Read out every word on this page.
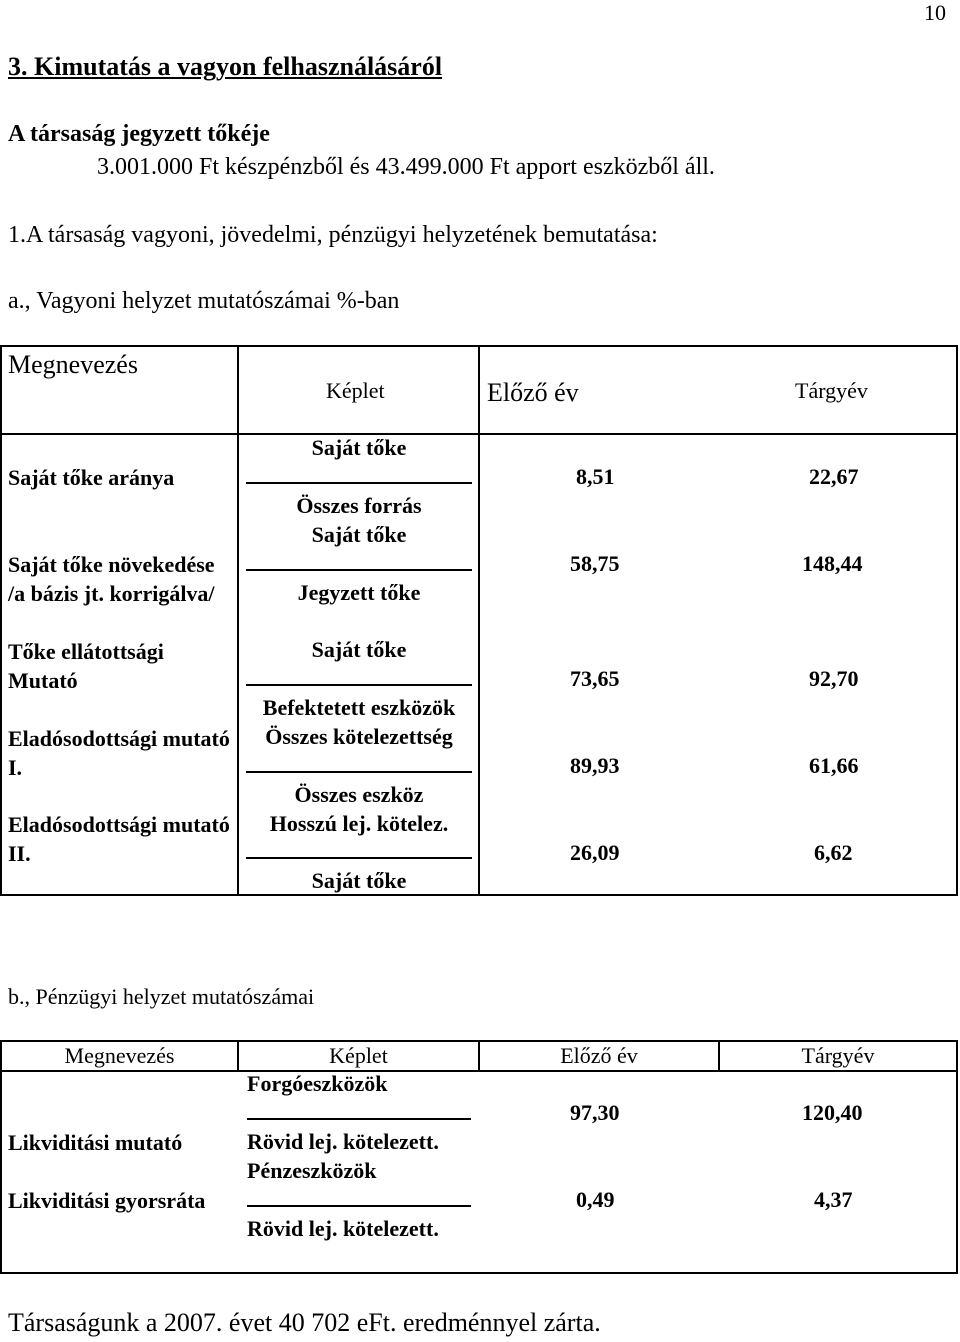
10
3. Kimutatás a vagyon felhasználásáról
A társaság jegyzett tőkéje
3.001.000 Ft készpénzből és 43.499.000 Ft apport eszközből áll.
1.A társaság vagyoni, jövedelmi, pénzügyi helyzetének bemutatása:
a., Vagyoni helyzet mutatószámai %-ban
Megnevezés
Képlet	Előző év	Tárgyév
Saját tőke aránya
Saját tőke
Összes forrás
8,51	22,67
Saját tőke növekedése /a bázis jt. korrigálva/
Saját tőke
Jegyzett tőke
58,75	148,44
Tőke ellátottsági Mutató
Saját tőke
Befektetett eszközök
73,65	92,70
Eladósodottsági mutató I.
Összes kötelezettség
Összes eszköz
89,93	61,66
Eladósodottsági mutató II.
Hosszú lej. kötelez.
Saját tőke
26,09	6,62
b., Pénzügyi helyzet mutatószámai
Megnevezés	Képlet	Előző év	Tárgyév
Likviditási mutató
Forgóeszközök
Rövid lej. kötelezett.
97,30	120,40
Likviditási gyorsráta
Pénzeszközök
Rövid lej. kötelezett.
0,49	4,37
Társaságunk a 2007. évet 40 702 eFt. eredménnyel zárta.
